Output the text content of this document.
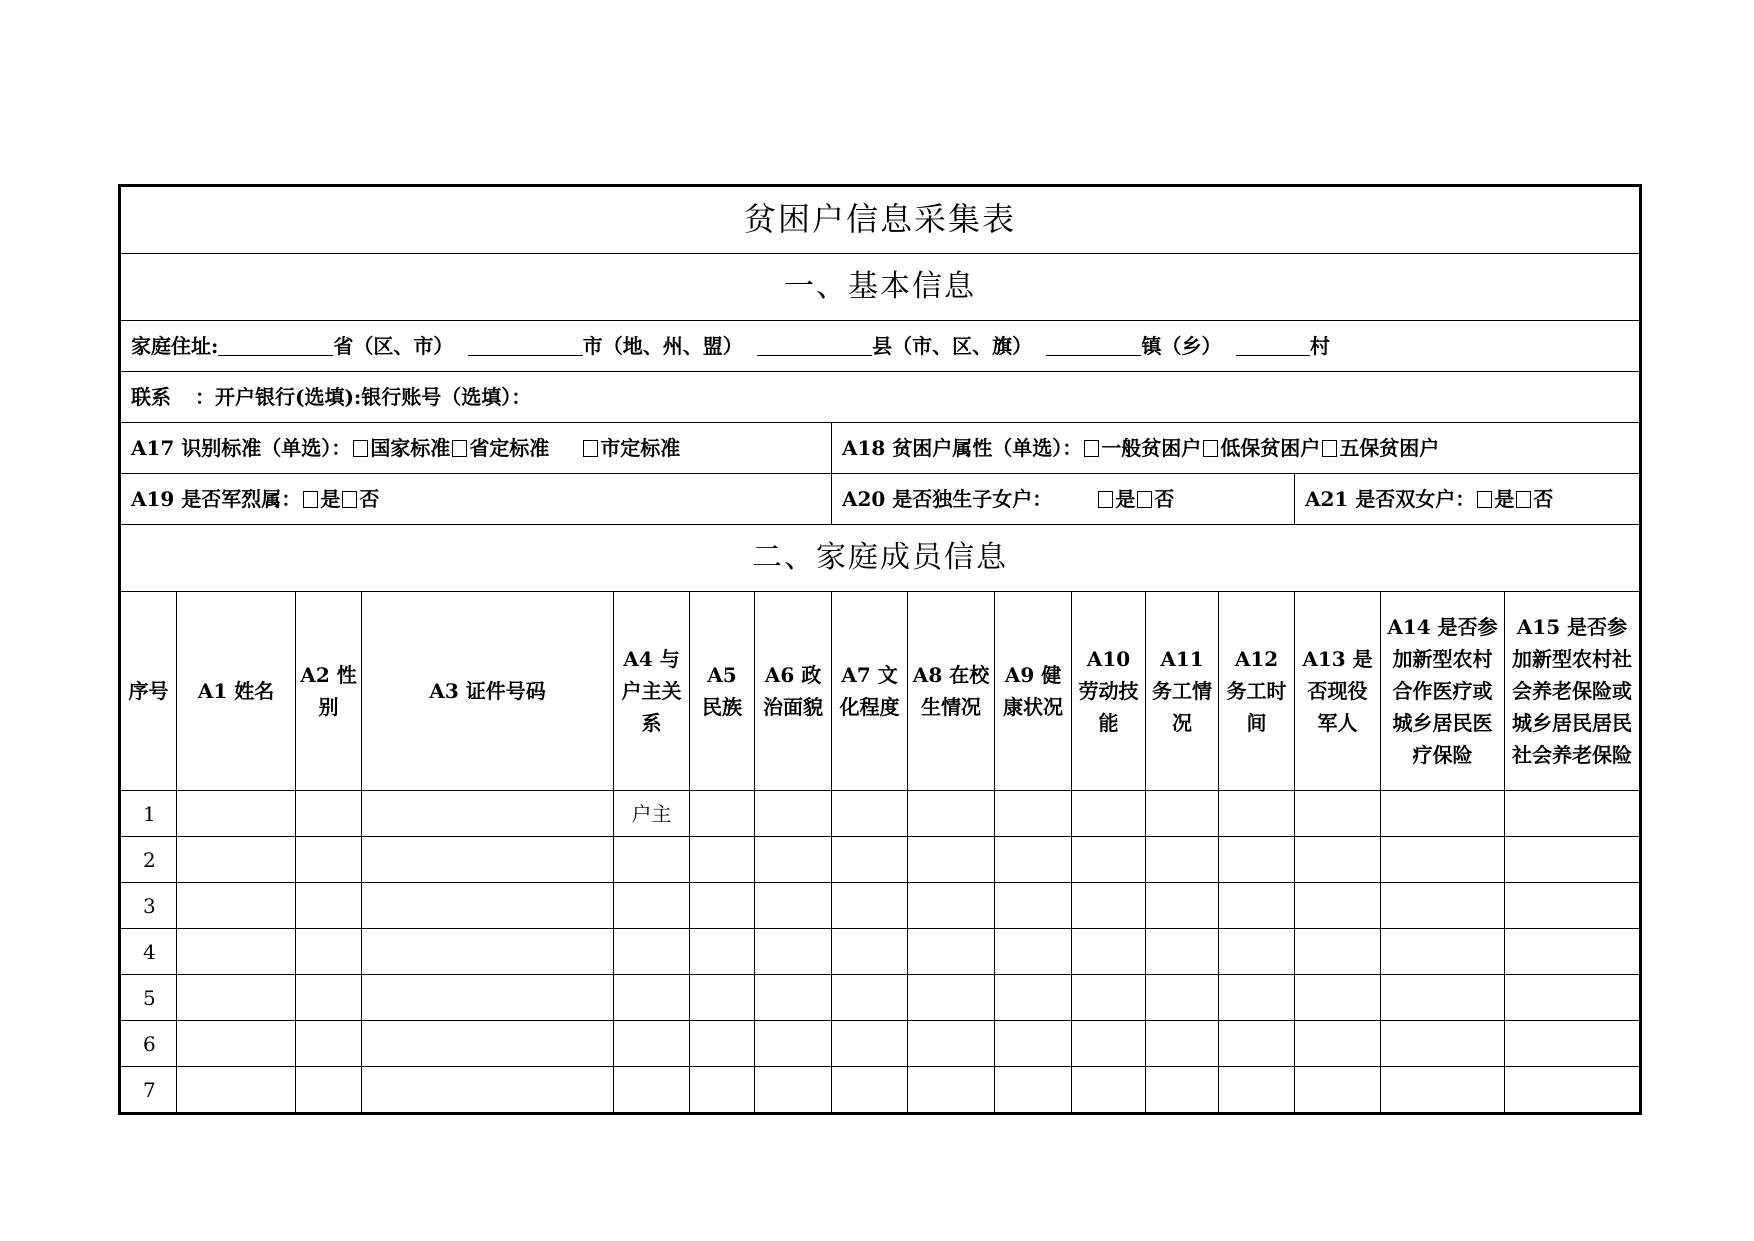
贫困户信息采集表															
一、基本信息															
家庭住址: 省（区、市） 市（地、州、盟） 县（市、区、旗） 镇（乡） 村															
联系 ：开户银行(选填):银行账号（选填）：															
A17 识别标准（单选）： 国家标准 省定标准 市定标准							A18 贫困户属性（单选）： 一般贫困户 低保贫困户 五保贫困户								
A19 是否军烈属： 是 否							A20 是否独生子女户： 是 否						A21 是否双女户： 是 否		
二、家庭成员信息															
序号	A1 姓名	A2 性别	A3 证件号码	A4 与户主关系	A5 民族	A6 政治面貌	A7 文化程度	A8 在校生情况	A9 健康状况	A10 劳动技能	A11 务工情况	A12 务工时间	A13 是否现役军人	A14 是否参加新型农村合作医疗或城乡居民医疗保险	A15 是否参加新型农村社会养老保险或城乡居民居民社会养老保险
1				户主											
2															
3															
4															
5															
6															
7															
